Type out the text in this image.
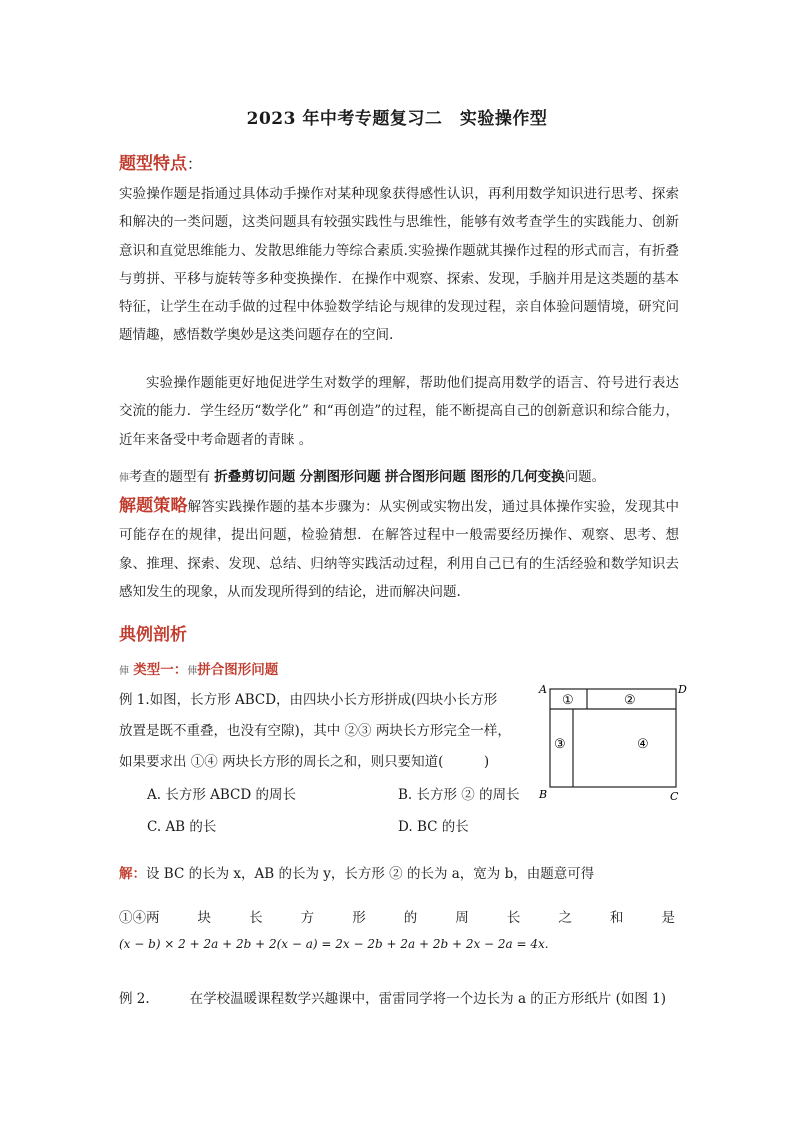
2023 年中考专题复习二　实验操作型
题型特点：

实验操作题是指通过具体动手操作对某种现象获得感性认识，再利用数学知识进行思考、探索和解决的一类问题，这类问题具有较强实践性与思维性，能够有效考查学生的实践能力、创新意识和直觉思维能力、发散思维能力等综合素质.实验操作题就其操作过程的形式而言，有折叠与剪拼、平移与旋转等多种变换操作．在操作中观察、探索、发现，手脑并用是这类题的基本特征，让学生在动手做的过程中体验数学结论与规律的发现过程，亲自体验问题情境，研究问题情趣，感悟数学奥妙是这类问题存在的空间.

实验操作题能更好地促进学生对数学的理解，帮助他们提高用数学的语言、符号进行表达交流的能力．学生经历“数学化” 和“再创造”的过程，能不断提高自己的创新意识和综合能力，近年来备受中考命题者的青睐 。

俥考查的题型有 折叠剪切问题 分割图形问题 拼合图形问题 图形的几何变换问题。

解题策略解答实践操作题的基本步骤为：从实例或实物出发，通过具体操作实验，发现其中可能存在的规律，提出问题，检验猜想．在解答过程中一般需要经历操作、观察、思考、想象、推理、探索、发现、总结、归纳等实践活动过程，利用自己已有的生活经验和数学知识去感知发生的现象，从而发现所得到的结论，进而解决问题.

典例剖析
俥 类型一：俥拼合图形问题
例 1.如图，长方形 ABCD，由四块小长方形拼成(四块小长方形
放置是既不重叠，也没有空隙)，其中 ②③ 两块长方形完全一样，
如果要求出 ①④ 两块长方形的周长之和，则只要知道(　　　)
A. 长方形 ABCD 的周长	B. 长方形 ② 的周长
C. AB 的长	D. BC 的长
A	D
B	C
①	②
③	④
解：设 BC 的长为 x，AB 的长为 y，长方形 ② 的长为 a，宽为 b，由题意可得
①④两	块	长	方	形	的	周	长	之	和	是
(x − b) × 2 + 2a + 2b + 2(x − a) = 2x − 2b + 2a + 2b + 2x − 2a = 4x.
例 2.	在学校温暖课程数学兴趣课中，雷雷同学将一个边长为 a 的正方形纸片 (如图 1)
